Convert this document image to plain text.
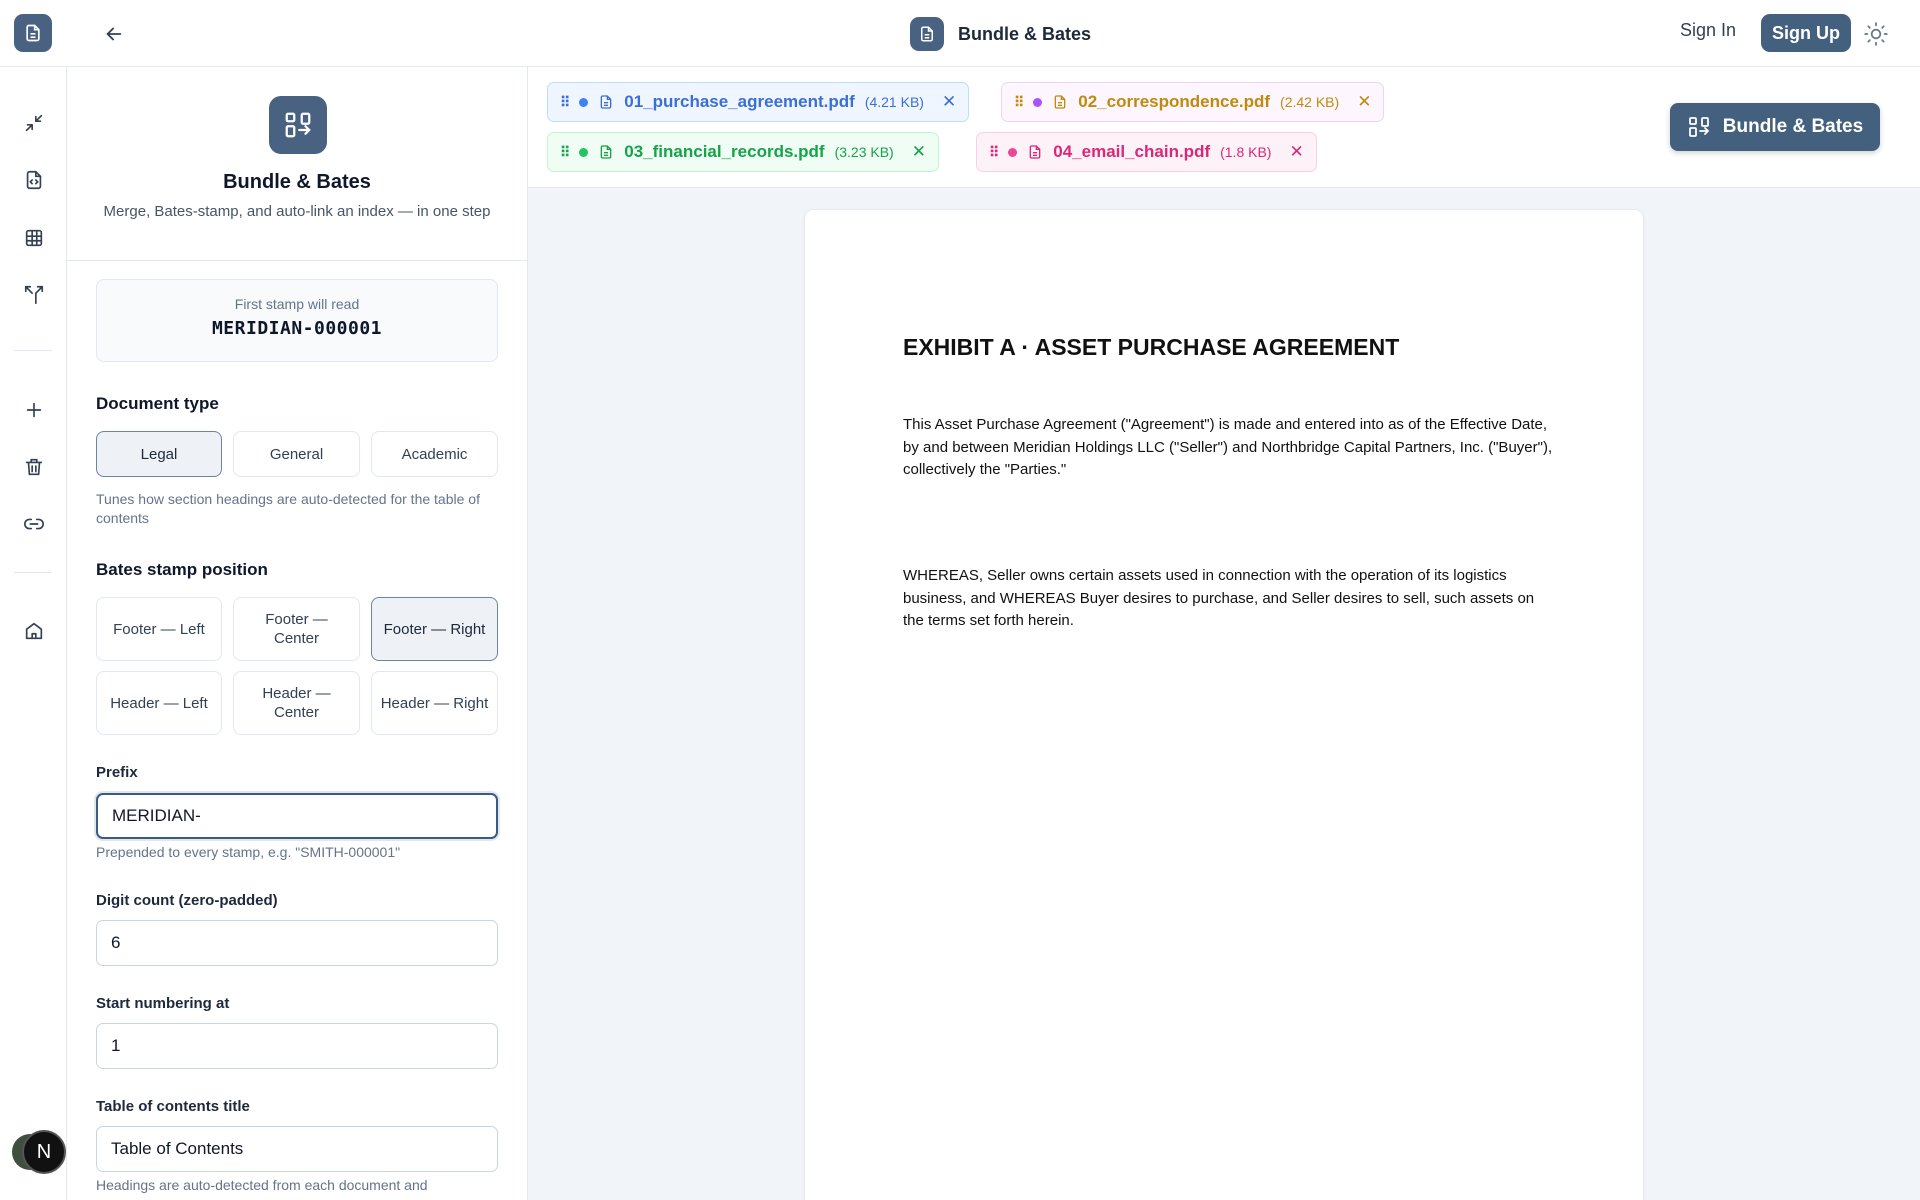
Bundle & Bates	Sign In	Sign Up
N
Bundle & Bates
Merge, Bates-stamp, and auto-link an index — in one step
First stamp will read
MERIDIAN-000001
Document type
Legal	General	Academic
Tunes how section headings are auto-detected for the table of contents
Bates stamp position
Footer — Left
Footer — Center
Footer — Right
Header — Left
Header — Center
Header — Right
Prefix
MERIDIAN-
Prepended to every stamp, e.g. "SMITH-000001"
Digit count (zero-padded)
6
Start numbering at
1
Table of contents title
Table of Contents
Headings are auto-detected from each document and
⠿	01_purchase_agreement.pdf (4.21 KB) ✕	⠿	02_correspondence.pdf (2.42 KB) ✕
⠿	03_financial_records.pdf (3.23 KB) ✕	⠿	04_email_chain.pdf (1.8 KB) ✕
Bundle & Bates
EXHIBIT A · ASSET PURCHASE AGREEMENT
This Asset Purchase Agreement ("Agreement") is made and entered into as of the Effective Date, by and between Meridian Holdings LLC ("Seller") and Northbridge Capital Partners, Inc. ("Buyer"), collectively the "Parties."
WHEREAS, Seller owns certain assets used in connection with the operation of its logistics business, and WHEREAS Buyer desires to purchase, and Seller desires to sell, such assets on the terms set forth herein.
